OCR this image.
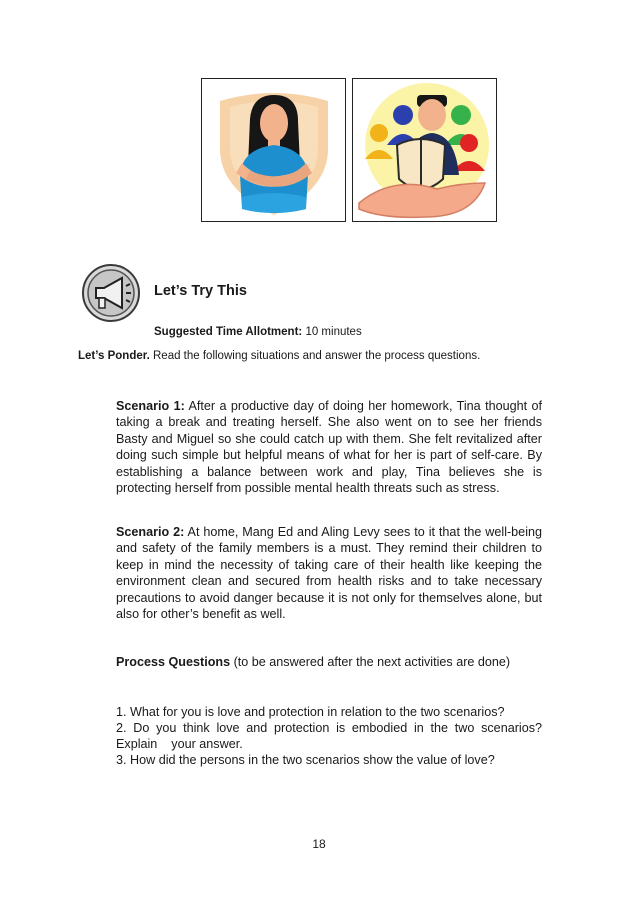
Let’s Try This
Suggested Time Allotment: 10 minutes
Let’s Ponder. Read the following situations and answer the process questions.
Scenario 1: After a productive day of doing her homework, Tina thought of taking a break and treating herself. She also went on to see her friends Basty and Miguel so she could catch up with them. She felt revitalized after doing such simple but helpful means of what for her is part of self-care. By establishing a balance between work and play, Tina believes she is protecting herself from possible mental health threats such as stress.
Scenario 2: At home, Mang Ed and Aling Levy sees to it that the well-being and safety of the family members is a must. They remind their children to keep in mind the necessity of taking care of their health like keeping the environment clean and secured from health risks and to take necessary precautions to avoid danger because it is not only for themselves alone, but also for other’s benefit as well.
Process Questions (to be answered after the next activities are done)
1. What for you is love and protection in relation to the two scenarios?
2. Do you think love and protection is embodied in the two scenarios? Explain    your answer.
3. How did the persons in the two scenarios show the value of love?
18
